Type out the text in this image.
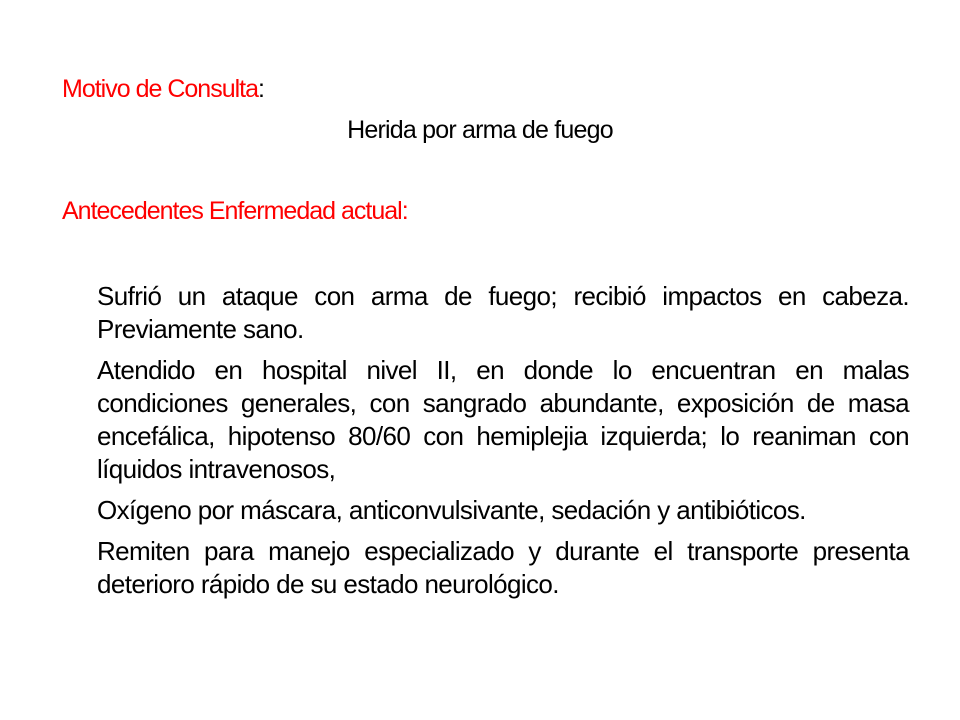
Motivo de Consulta:
Herida por arma de fuego
Antecedentes Enfermedad actual:

Sufrió un ataque con arma de fuego; recibió impactos en cabeza. Previamente sano.

Atendido en hospital nivel II, en donde lo encuentran en malas condiciones generales, con sangrado abundante, exposición de masa encefálica, hipotenso 80/60 con hemiplejia izquierda; lo reaniman con líquidos intravenosos,

Oxígeno por máscara, anticonvulsivante, sedación y antibióticos.

Remiten para manejo especializado y durante el transporte presenta deterioro rápido de su estado neurológico.
